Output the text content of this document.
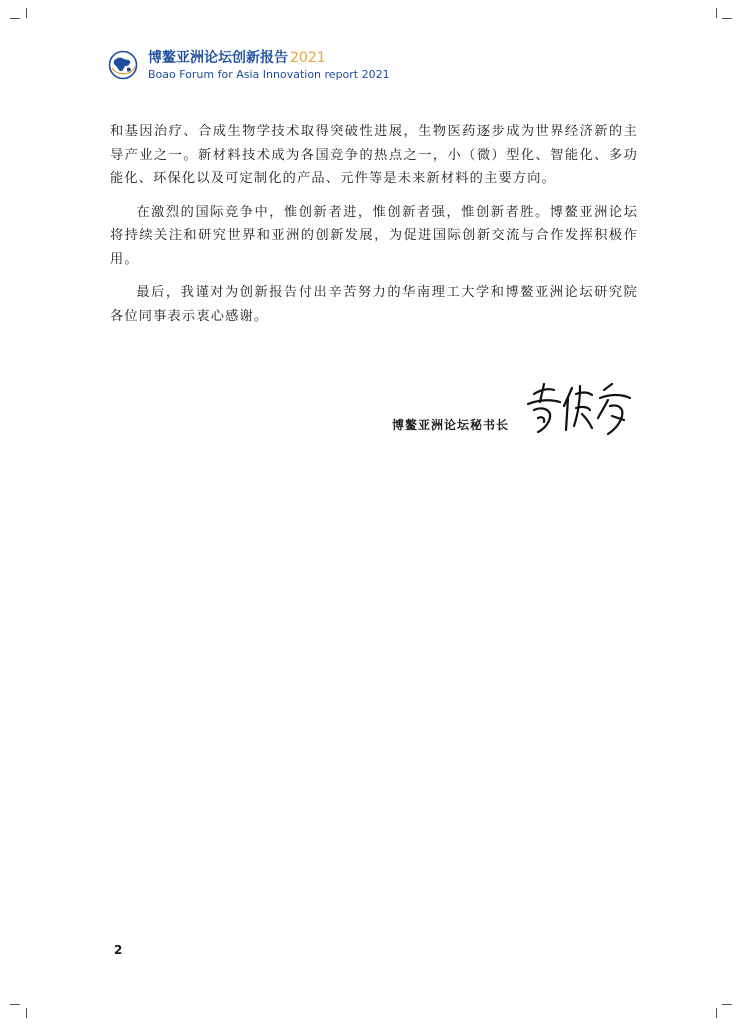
博鳌亚洲论坛创新报告 2021
Boao Forum for Asia Innovation report 2021

和基因治疗、合成生物学技术取得突破性进展，生物医药逐步成为世界经济新的主导产业之一。新材料技术成为各国竞争的热点之一，小（微）型化、智能化、多功能化、环保化以及可定制化的产品、元件等是未来新材料的主要方向。

在激烈的国际竞争中，惟创新者进，惟创新者强，惟创新者胜。博鳌亚洲论坛将持续关注和研究世界和亚洲的创新发展，为促进国际创新交流与合作发挥积极作用。

最后，我谨对为创新报告付出辛苦努力的华南理工大学和博鳌亚洲论坛研究院各位同事表示衷心感谢。

博鳌亚洲论坛秘书长
2
